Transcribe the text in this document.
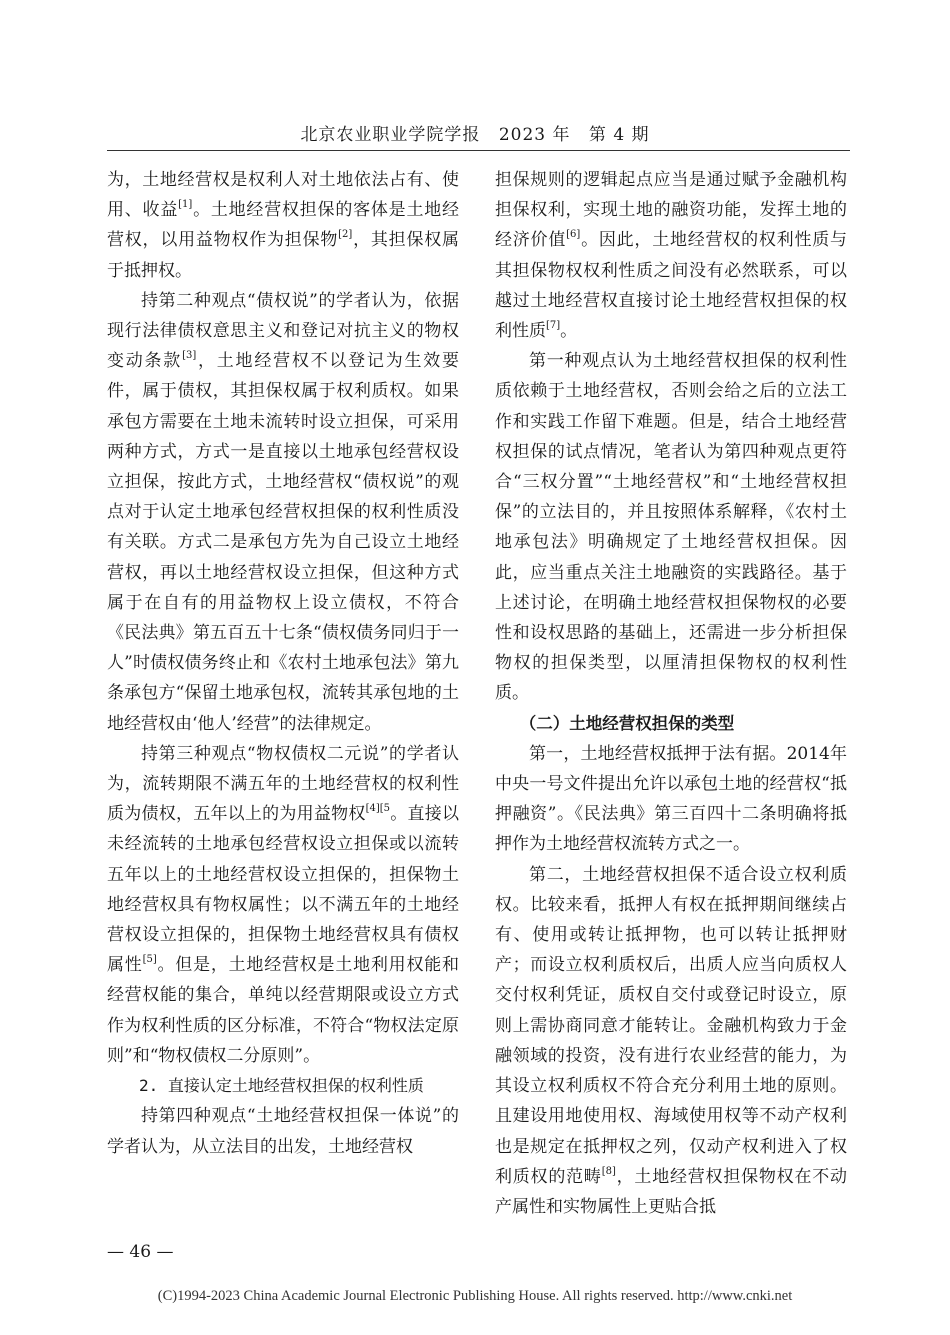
北京农业职业学院学报 2023 年 第 4 期

为，土地经营权是权利人对土地依法占有、使用、收益[1]。土地经营权担保的客体是土地经营权，以用益物权作为担保物[2]，其担保权属于抵押权。

持第二种观点“债权说”的学者认为，依据现行法律债权意思主义和登记对抗主义的物权变动条款[3]，土地经营权不以登记为生效要件，属于债权，其担保权属于权利质权。如果承包方需要在土地未流转时设立担保，可采用两种方式，方式一是直接以土地承包经营权设立担保，按此方式，土地经营权“债权说”的观点对于认定土地承包经营权担保的权利性质没有关联。方式二是承包方先为自己设立土地经营权，再以土地经营权设立担保，但这种方式属于在自有的用益物权上设立债权，不符合《民法典》第五百五十七条“债权债务同归于一人”时债权债务终止和《农村土地承包法》第九条承包方“保留土地承包权，流转其承包地的土地经营权由‘他人’经营”的法律规定。

持第三种观点“物权债权二元说”的学者认为，流转期限不满五年的土地经营权的权利性质为债权，五年以上的为用益物权$^{[4][5}$。直接以未经流转的土地承包经营权设立担保或以流转五年以上的土地经营权设立担保的，担保物土地经营权具有物权属性；以不满五年的土地经营权设立担保的，担保物土地经营权具有债权属性[5]。但是，土地经营权是土地利用权能和经营权能的集合，单纯以经营期限或设立方式作为权利性质的区分标准，不符合“物权法定原则”和“物权债权二分原则”。

2. 直接认定土地经营权担保的权利性质

持第四种观点“土地经营权担保一体说”的学者认为，从立法目的出发，土地经营权

担保规则的逻辑起点应当是通过赋予金融机构担保权利，实现土地的融资功能，发挥土地的经济价值[6]。因此，土地经营权的权利性质与其担保物权权利性质之间没有必然联系，可以越过土地经营权直接讨论土地经营权担保的权利性质[7]。

第一种观点认为土地经营权担保的权利性质依赖于土地经营权，否则会给之后的立法工作和实践工作留下难题。但是，结合土地经营权担保的试点情况，笔者认为第四种观点更符合“三权分置”“土地经营权”和“土地经营权担保”的立法目的，并且按照体系解释，《农村土地承包法》明确规定了土地经营权担保。因此，应当重点关注土地融资的实践路径。基于上述讨论，在明确土地经营权担保物权的必要性和设权思路的基础上，还需进一步分析担保物权的担保类型，以厘清担保物权的权利性质。

（二）土地经营权担保的类型

第一，土地经营权抵押于法有据。2014年中央一号文件提出允许以承包土地的经营权“抵押融资”。《民法典》第三百四十二条明确将抵押作为土地经营权流转方式之一。

第二，土地经营权担保不适合设立权利质权。比较来看，抵押人有权在抵押期间继续占有、使用或转让抵押物，也可以转让抵押财产；而设立权利质权后，出质人应当向质权人交付权利凭证，质权自交付或登记时设立，原则上需协商同意才能转让。金融机构致力于金融领域的投资，没有进行农业经营的能力，为其设立权利质权不符合充分利用土地的原则。且建设用地使用权、海域使用权等不动产权利也是规定在抵押权之列，仅动产权利进入了权利质权的范畴[8]，土地经营权担保物权在不动产属性和实物属性上更贴合抵

— 46 —
(C)1994-2023 China Academic Journal Electronic Publishing House. All rights reserved. http://www.cnki.net
